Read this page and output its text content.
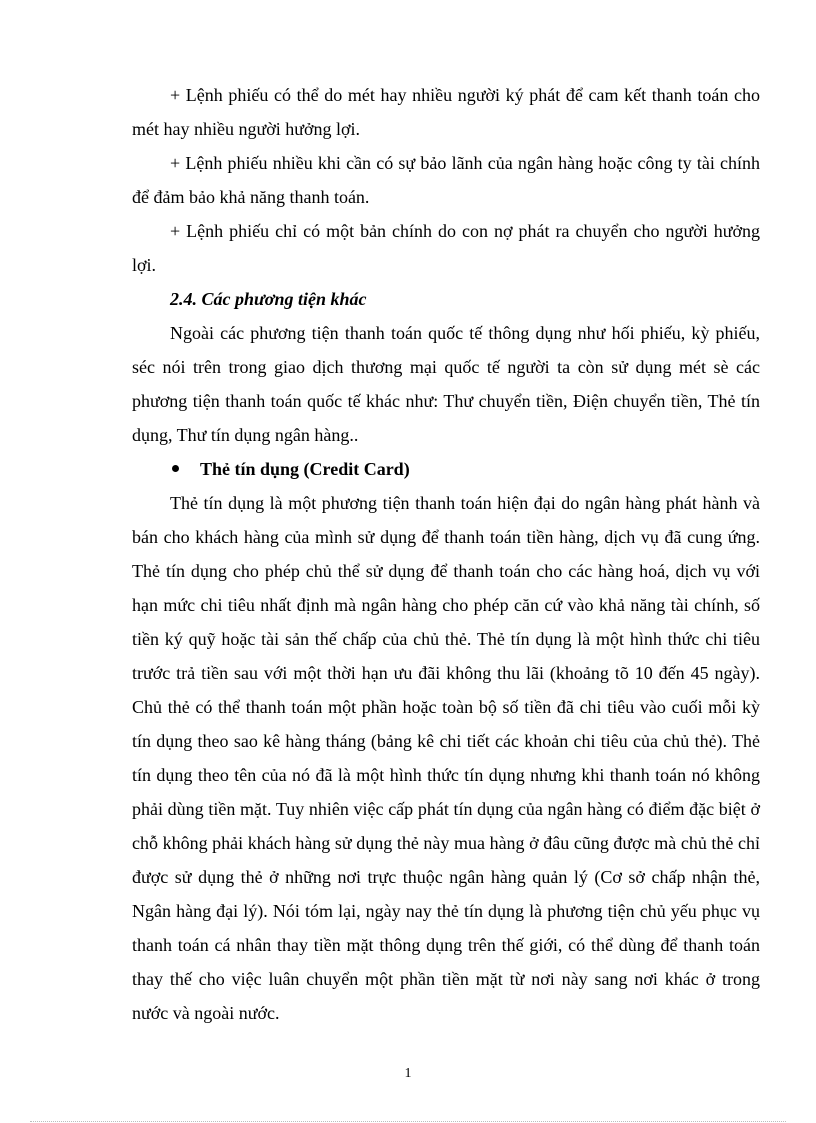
+ Lệnh phiếu có thể do mét hay nhiều người ký phát để cam kết thanh toán cho mét hay nhiều người hưởng lợi.

+ Lệnh phiếu nhiều khi cần có sự bảo lãnh của ngân hàng hoặc công ty tài chính để đảm bảo khả năng thanh toán.

+ Lệnh phiếu chỉ có một bản chính do con nợ phát ra chuyển cho người hưởng lợi.

2.4. Các phương tiện khác

Ngoài các phương tiện thanh toán quốc tế thông dụng như hối phiếu, kỳ phiếu, séc nói trên trong giao dịch thương mại quốc tế người ta còn sử dụng mét sè các phương tiện thanh toán quốc tế khác như: Thư chuyển tiền, Điện chuyển tiền, Thẻ tín dụng, Thư tín dụng ngân hàng..

Thẻ tín dụng (Credit Card)

Thẻ tín dụng là một phương tiện thanh toán hiện đại do ngân hàng phát hành và bán cho khách hàng của mình sử dụng để thanh toán tiền hàng, dịch vụ đã cung ứng. Thẻ tín dụng cho phép chủ thể sử dụng để thanh toán cho các hàng hoá, dịch vụ với hạn mức chi tiêu nhất định mà ngân hàng cho phép căn cứ vào khả năng tài chính, số tiền ký quỹ hoặc tài sản thế chấp của chủ thẻ. Thẻ tín dụng là một hình thức chi tiêu trước trả tiền sau với một thời hạn ưu đãi không thu lãi (khoảng tõ 10 đến 45 ngày). Chủ thẻ có thể thanh toán một phần hoặc toàn bộ số tiền đã chi tiêu vào cuối mỗi kỳ tín dụng theo sao kê hàng tháng (bảng kê chi tiết các khoản chi tiêu của chủ thẻ). Thẻ tín dụng theo tên của nó đã là một hình thức tín dụng nhưng khi thanh toán nó không phải dùng tiền mặt. Tuy nhiên việc cấp phát tín dụng của ngân hàng có điểm đặc biệt ở chỗ không phải khách hàng sử dụng thẻ này mua hàng ở đâu cũng được mà chủ thẻ chỉ được sử dụng thẻ ở những nơi trực thuộc ngân hàng quản lý (Cơ sở chấp nhận thẻ, Ngân hàng đại lý). Nói tóm lại, ngày nay thẻ tín dụng là phương tiện chủ yếu phục vụ thanh toán cá nhân thay tiền mặt thông dụng trên thế giới, có thể dùng để thanh toán thay thế cho việc luân chuyển một phần tiền mặt từ nơi này sang nơi khác ở trong nước và ngoài nước.

1
